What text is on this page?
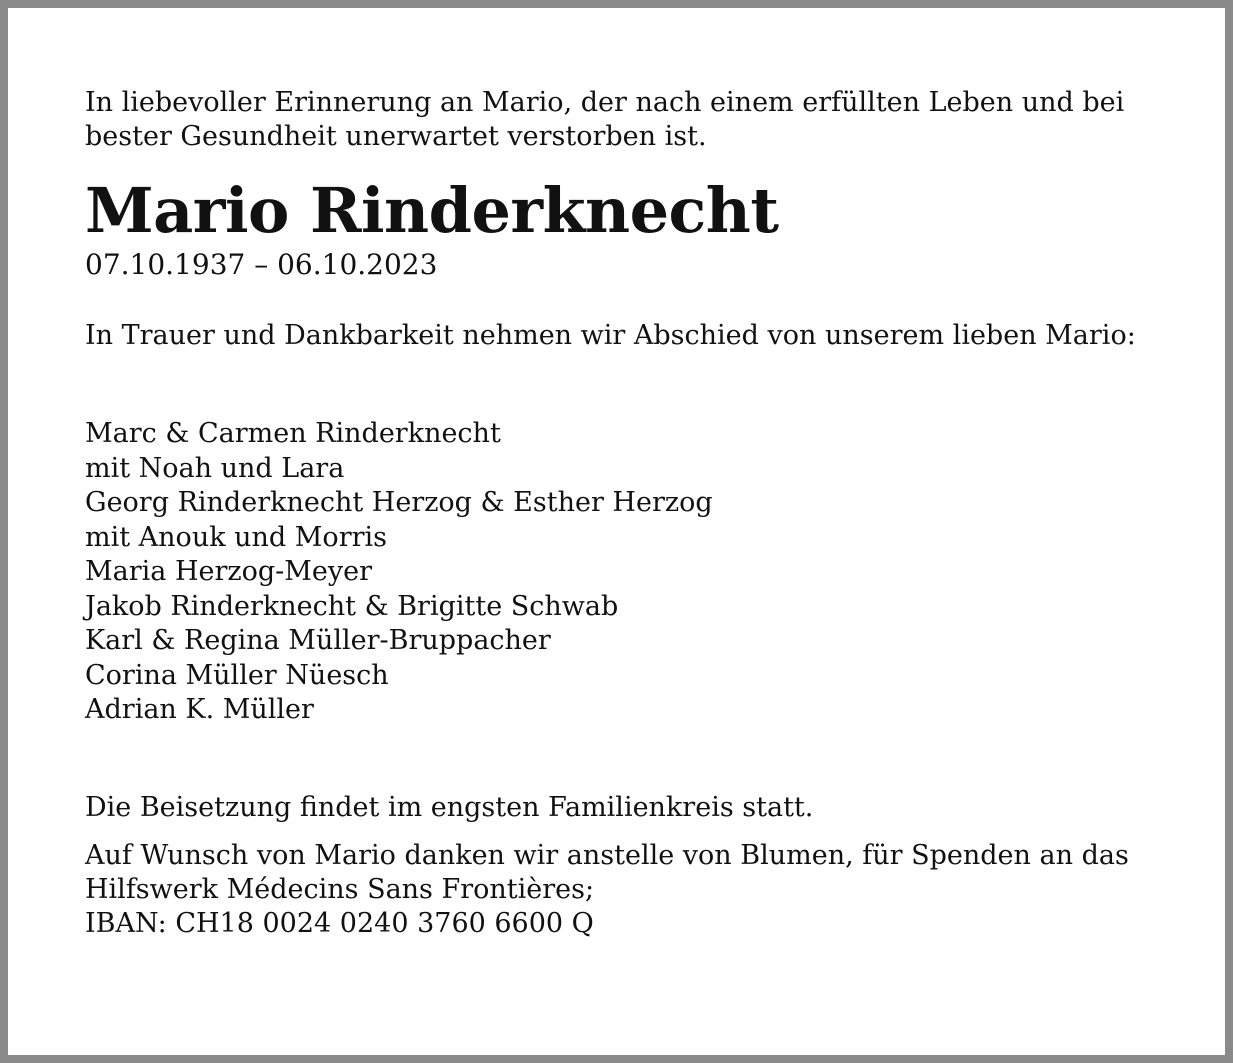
In liebevoller Erinnerung an Mario, der nach einem erfüllten Leben und bei bester Gesundheit unerwartet verstorben ist.

Mario Rinderknecht

07.10.1937 – 06.10.2023

In Trauer und Dankbarkeit nehmen wir Abschied von unserem lieben Mario:

Marc & Carmen Rinderknecht
mit Noah und Lara
Georg Rinderknecht Herzog & Esther Herzog
mit Anouk und Morris
Maria Herzog-Meyer
Jakob Rinderknecht & Brigitte Schwab
Karl & Regina Müller-Bruppacher
Corina Müller Nüesch
Adrian K. Müller

Die Beisetzung findet im engsten Familienkreis statt.

Auf Wunsch von Mario danken wir anstelle von Blumen, für Spenden an das Hilfswerk Médecins Sans Frontières;
IBAN: CH18 0024 0240 3760 6600 Q
